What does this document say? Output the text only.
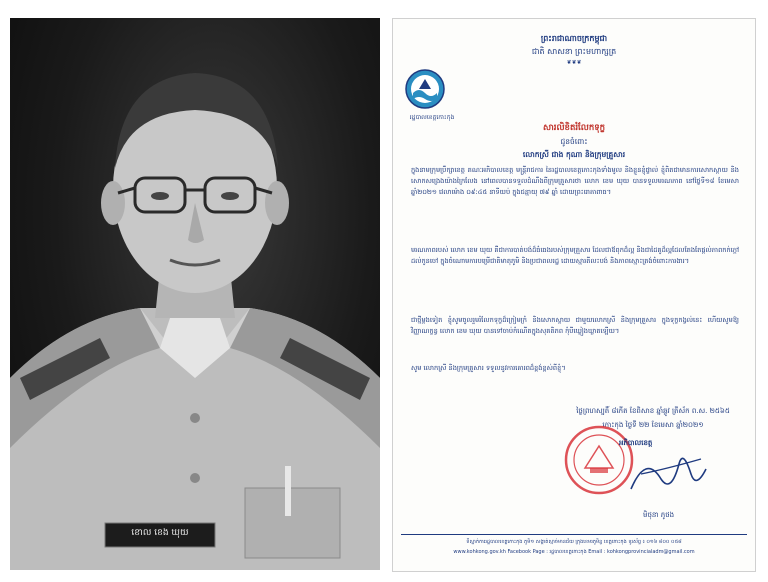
ខោល ខេង ឃុយ
ព្រះរាជាណាចក្រកម្ពុជា
ជាតិ សាសនា ព្រះមហាក្សត្រ
❦❦❦
រដ្ឋបាលខេត្តកោះកុង
សារលិខិតរំលែកទុក្ខ
ជូនចំពោះ
លោកស្រី ជាង កុណា និងក្រុមគ្រួសារ
ក្នុងនាមក្រុមប្រឹក្សាខេត្ត គណៈអភិបាលខេត្ត មន្ត្រីរាជការ នៃរដ្ឋបាលខេត្តកោះកុងទាំងមូល និងខ្លួនខ្ញុំផ្ទាល់ ខ្ញុំពិតជាមានការសោកស្តាយ និងសោកសង្រេងយ៉ាងក្រៃលែង នៅពេលបានទទួលដំណឹងពីក្រុមគ្រួសារថា លោក ខេម ឃុយ បានទទួលមរណភាព នៅថ្ងៃទី១៨ ខែមេសា ឆ្នាំ២០២១ វេលាម៉ោង ០៩:៤៥ នាទីយប់ ក្នុងជន្មាយុ ៧៩ ឆ្នាំ ដោយព្រះរោគាពាធ។
មរណភាពរបស់ លោក ខេម ឃុយ គឺជាការបាត់បង់ដ៏ធំធេងរបស់ក្រុមគ្រួសារ ដែលជាឪពុកដ៏ល្អ និងជាដៃគូដ៏ល្អដែលតែងតែផ្តល់ភាពកក់ក្តៅដល់កូនចៅ ក្នុងចំណោមការបម្រើជាតិមាតុភូមិ និងប្រជាពលរដ្ឋ ដោយស្មារតីលះបង់ និងភាពស្មោះត្រង់ចំពោះការងារ។
ជាថ្មីម្តងទៀត ខ្ញុំសូមចូលរួមរំលែកទុក្ខដ៏ក្រៀមក្រំ និងសោកស្តាយ ជាមួយលោកស្រី និងក្រុមគ្រួសារ ក្នុងទុក្ខកង្វល់នេះ ហើយសូមឱ្យវិញ្ញាណក្ខន្ធ លោក ខេម ឃុយ បានទៅចាប់កំណើតក្នុងសុគតិភព កុំបីឃ្លៀងឃ្លាតឡើយ។
សូម លោកស្រី និងក្រុមគ្រួសារ ទទួលនូវការគោរពដ៏ខ្ពង់ខ្ពស់ពីខ្ញុំ។
ថ្ងៃព្រហស្បតិ៍ ៨កើត ខែពិសាខ ឆ្នាំឆ្លូវ ត្រីស័ក ព.ស. ២៥៦៥
កោះកុង ថ្ងៃទី ២២ ខែមេសា ឆ្នាំ២០២១
អភិបាលខេត្ត
មិថុនា ភូថង
ទីស្នាក់ការរដ្ឋបាលខេត្តកោះកុង ភូមិ១ សង្កាត់ស្មាច់មានជ័យ ក្រុងខេមរភូមិន្ទ ខេត្តកោះកុង ទូរស័ព្ទ ៖ ០១៦ ៨០០ ០៥៨
www.kohkong.gov.kh Facebook Page : រដ្ឋបាលខេត្តកោះកុង Email : kohkongprovincialadm@gmail.com
